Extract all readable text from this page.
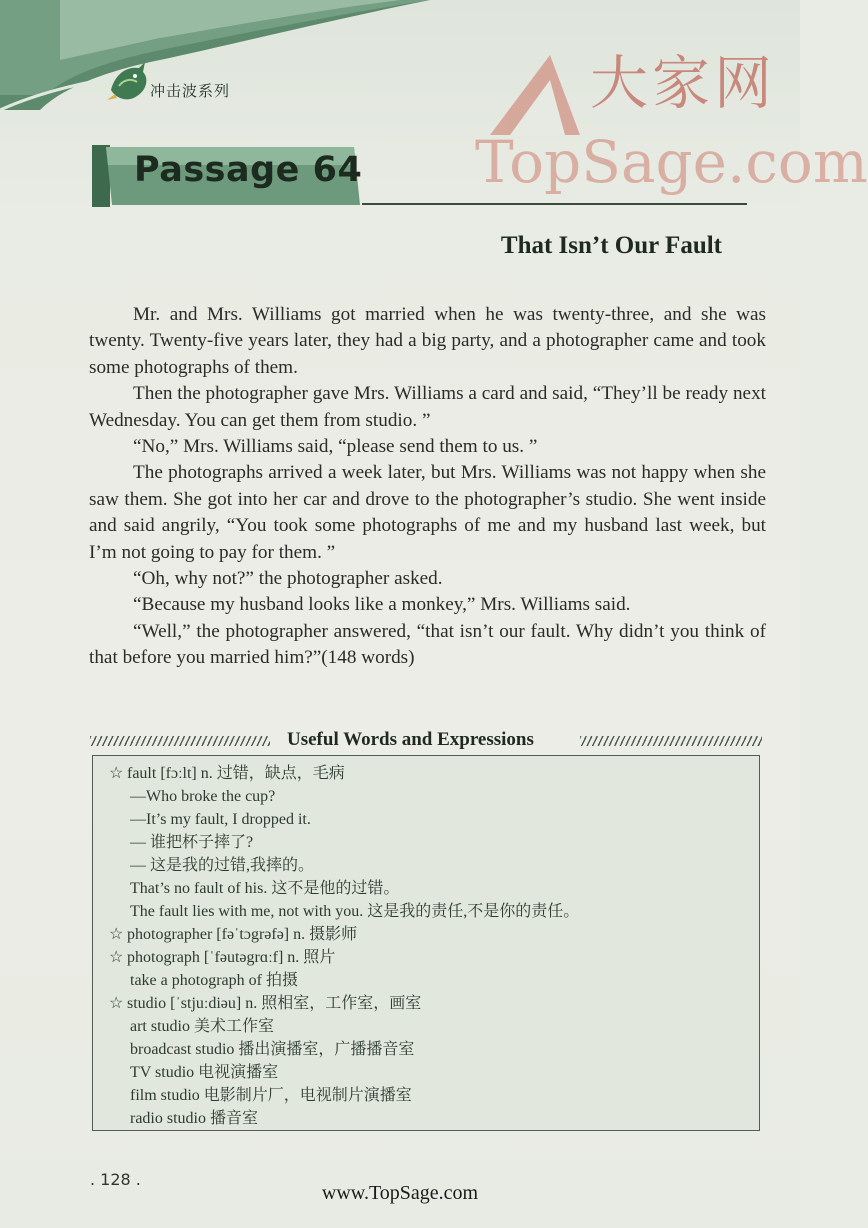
冲击波系列	大家网
TopSage.com
Passage 64
That Isn’t Our Fault

Mr. and Mrs. Williams got married when he was twenty-three, and she was twenty. Twenty-five years later, they had a big party, and a photographer came and took some photographs of them.

Then the photographer gave Mrs. Williams a card and said, “They’ll be ready next Wednesday. You can get them from studio. ”

“No,” Mrs. Williams said, “please send them to us. ”

The photographs arrived a week later, but Mrs. Williams was not happy when she saw them. She got into her car and drove to the photographer’s studio. She went inside and said angrily, “You took some photographs of me and my husband last week, but I’m not going to pay for them. ”

“Oh, why not?” the photographer asked.

“Because my husband looks like a monkey,” Mrs. Williams said.

“Well,” the photographer answered, “that isn’t our fault. Why didn’t you think of that before you married him?”(148 words)

Useful Words and Expressions
☆ fault [fɔːlt] n. 过错，缺点，毛病
—Who broke the cup?
—It’s my fault, I dropped it.
— 谁把杯子摔了?
— 这是我的过错,我摔的。
That’s no fault of his. 这不是他的过错。
The fault lies with me, not with you. 这是我的责任,不是你的责任。
☆ photographer [fəˈtɔgrəfə] n. 摄影师
☆ photograph [ˈfəutəgrɑːf] n. 照片
take a photograph of 拍摄
☆ studio [ˈstjuːdiəu] n. 照相室，工作室，画室
art studio 美术工作室
broadcast studio 播出演播室，广播播音室
TV studio 电视演播室
film studio 电影制片厂，电视制片演播室
radio studio 播音室
. 128 .
www.TopSage.com
